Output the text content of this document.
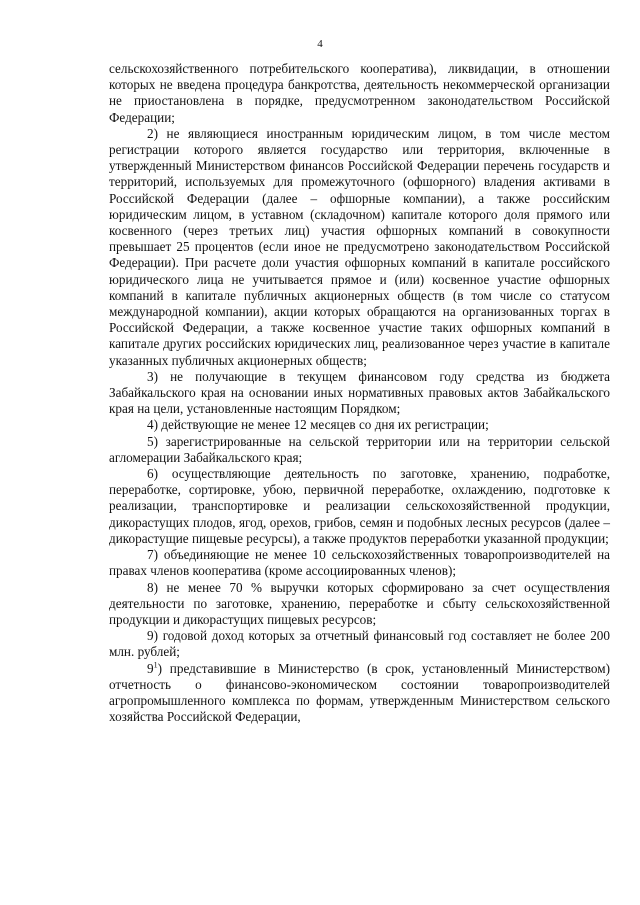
4

сельскохозяйственного потребительского кооператива), ликвидации, в отношении которых не введена процедура банкротства, деятельность некоммерческой организации не приостановлена в порядке, предусмотренном законодательством Российской Федерации;

2) не являющиеся иностранным юридическим лицом, в том числе местом регистрации которого является государство или территория, включенные в утвержденный Министерством финансов Российской Федерации перечень государств и территорий, используемых для промежуточного (офшорного) владения активами в Российской Федерации (далее – офшорные компании), а также российским юридическим лицом, в уставном (складочном) капитале которого доля прямого или косвенного (через третьих лиц) участия офшорных компаний в совокупности превышает 25 процентов (если иное не предусмотрено законодательством Российской Федерации). При расчете доли участия офшорных компаний в капитале российского юридического лица не учитывается прямое и (или) косвенное участие офшорных компаний в капитале публичных акционерных обществ (в том числе со статусом международной компании), акции которых обращаются на организованных торгах в Российской Федерации, а также косвенное участие таких офшорных компаний в капитале других российских юридических лиц, реализованное через участие в капитале указанных публичных акционерных обществ;

3) не получающие в текущем финансовом году средства из бюджета Забайкальского края на основании иных нормативных правовых актов Забайкальского края на цели, установленные настоящим Порядком;

4) действующие не менее 12 месяцев со дня их регистрации;

5) зарегистрированные на сельской территории или на территории сельской агломерации Забайкальского края;

6) осуществляющие деятельность по заготовке, хранению, подработке, переработке, сортировке, убою, первичной переработке, охлаждению, подготовке к реализации, транспортировке и реализации сельскохозяйственной продукции, дикорастущих плодов, ягод, орехов, грибов, семян и подобных лесных ресурсов (далее – дикорастущие пищевые ресурсы), а также продуктов переработки указанной продукции;

7) объединяющие не менее 10 сельскохозяйственных товаропроизводителей на правах членов кооператива (кроме ассоциированных членов);

8) не менее 70 % выручки которых сформировано за счет осуществления деятельности по заготовке, хранению, переработке и сбыту сельскохозяйственной продукции и дикорастущих пищевых ресурсов;

9) годовой доход которых за отчетный финансовый год составляет не более 200 млн. рублей;

$9^1$) представившие в Министерство (в срок, установленный Министерством) отчетность о финансово-экономическом состоянии товаропроизводителей агропромышленного комплекса по формам, утвержденным Министерством сельского хозяйства Российской Федерации,
